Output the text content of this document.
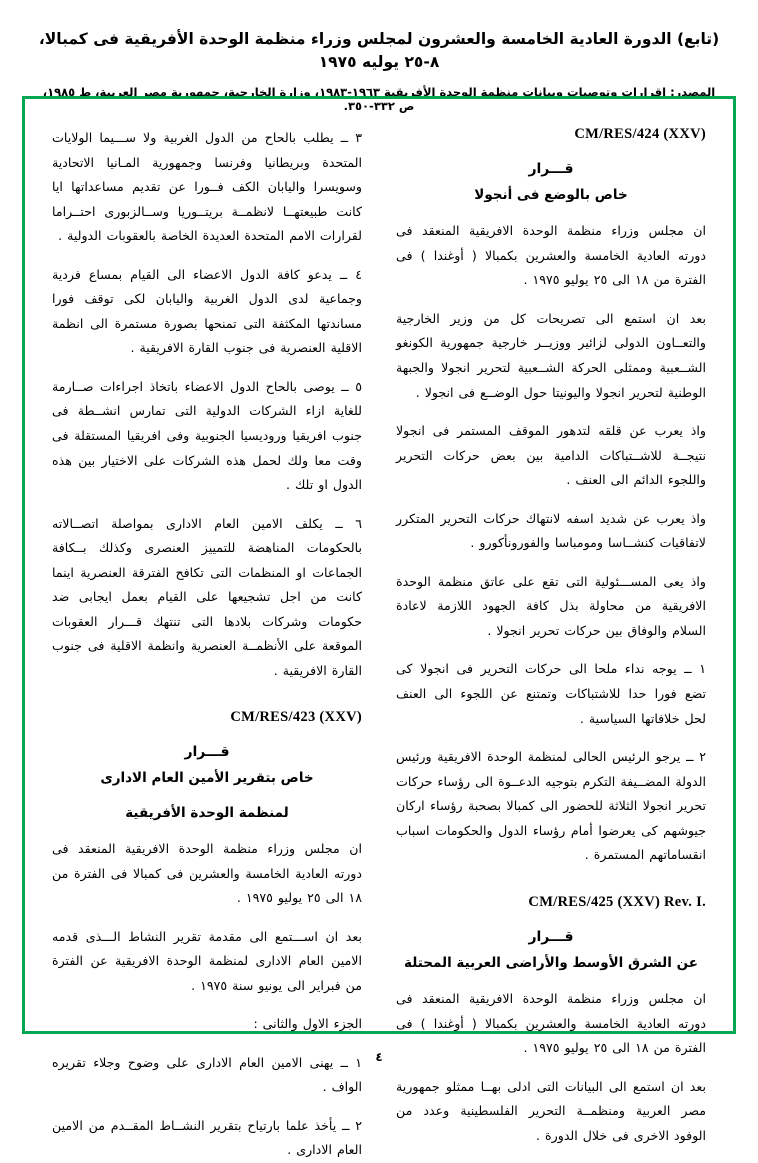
(تابع) الدورة العادية الخامسة والعشرون لمجلس وزراء منظمة الوحدة الأفريقية فى كمبالا، ٨-٢٥ يوليه ١٩٧٥
المصدر: اقرارات وتوصيات وبيانات منظمة الوحدة الأفريقية ١٩٦٣-١٩٨٣، وزارة الخارجية، جمهورية مصر العربية، ط ١٩٨٥، ص ٣٣٢-٣٥٠.
CM/RES/424 (XXV)
قـــرار
خاص بالوضع فى أنجولا

ان مجلس وزراء منظمة الوحدة الافريقية المنعقد فى دورته العادية الخامسة والعشرين بكمبالا ( أوغندا ) فى الفترة من ١٨ الى ٢٥ يوليو ١٩٧٥ .

بعد ان استمع الى تصريحات كل من وزير الخارجية والتعــاون الدولى لزائير ووزيــر خارجية جمهورية الكونغو الشــعبية وممثلى الحركة الشــعبية لتحرير انجولا والجبهة الوطنية لتحرير انجولا واليونيتا حول الوضــع فى انجولا .

واذ يعرب عن قلقه لتدهور الموقف المستمر فى انجولا نتيجــة للاشــتباكات الدامية بين بعض حركات التحرير واللجوء الدائم الى العنف .

واذ يعرب عن شديد اسفه لانتهاك حركات التحرير المتكرر لاتفاقيات كنشــاسا ومومباسا والفورونأكورو .

واذ يعى المســـئولية التى تقع على عاتق منظمة الوحدة الافريقية من محاولة بذل كافة الجهود اللازمة لاعادة السلام والوفاق بين حركات تحرير انجولا .

١ ــ يوجه نداء ملحا الى حركات التحرير فى انجولا كى تضع فورا حدا للاشتباكات وتمتنع عن اللجوء الى العنف لحل خلافاتها السياسية .

٢ ــ يرجو الرئيس الحالى لمنظمة الوحدة الافريقية ورئيس الدولة المضــيفة التكرم بتوجيه الدعــوة الى رؤساء حركات تحرير انجولا الثلاثة للحضور الى كمبالا بصحبة رؤساء اركان جيوشهم كى يعرضوا أمام رؤساء الدول والحكومات اسباب انقساماتهم المستمرة .

CM/RES/425 (XXV) Rev. I.
قـــرار
عن الشرق الأوسط والأراضى العربية المحتلة

ان مجلس وزراء منظمة الوحدة الافريقية المنعقد فى دورته العادية الخامسة والعشرين بكمبالا ( أوغندا ) فى الفترة من ١٨ الى ٢٥ يوليو ١٩٧٥ .

بعد ان استمع الى البيانات التى ادلى بهــا ممثلو جمهورية مصر العربية ومنظمــة التحرير الفلسطينية وعدد من الوفود الاخرى فى خلال الدورة .

٣ ــ يطلب بالحاح من الدول الغربية ولا ســـيما الولايات المتحدة وبريطانيا وفرنسا وجمهورية المـانيا الاتحادية وسويسرا واليابان الكف فــورا عن تقديم مساعداتها ايا كانت طبيعتهــا لانظمــة بريتــوريا وســالزبورى احتــراما لقرارات الامم المتحدة العديدة الخاصة بالعقوبات الدولية .

٤ ــ يدعو كافة الدول الاعضاء الى القيام بمساع فردية وجماعية لدى الدول الغربية واليابان لكى توقف فورا مساندتها المكثفة التى تمنحها بصورة مستمرة الى انظمة الاقلية العنصرية فى جنوب القارة الافريقية .

٥ ــ يوصى بالحاح الدول الاعضاء باتخاذ اجراءات صــارمة للغاية ازاء الشركات الدولية التى تمارس انشــطة فى جنوب افريقيا وروديسيا الجنوبية وفى افريقيا المستقلة فى وقت معا ولك لحمل هذه الشركات على الاختيار بين هذه الدول او تلك .

٦ ــ يكلف الامين العام الادارى بمواصلة اتصــالاته بالحكومات المناهضة للتمييز العنصرى وكذلك بــكافة الجماعات او المنظمات التى تكافح الفترقة العنصرية اينما كانت من اجل تشجيعها على القيام بعمل ايجابى ضد حكومات وشركات بلادها التى تنتهك قـــرار العقوبات الموقعة على الأنظمــة العنصرية وانظمة الاقلية فى جنوب القارة الافريقية .

CM/RES/423 (XXV)
قـــرار
خاص بتقرير الأمين العام الادارى
لمنظمة الوحدة الأفريقية

ان مجلس وزراء منظمة الوحدة الافريقية المنعقد فى دورته العادية الخامسة والعشرين فى كمبالا فى الفترة من ١٨ الى ٢٥ يوليو ١٩٧٥ .

بعد ان اســـتمع الى مقدمة تقرير النشاط الـــذى قدمه الامين العام الادارى لمنظمة الوحدة الافريقية عن الفترة من فبراير الى يونيو سنة ١٩٧٥ .

الجزء الاول والثانى :

١ ــ يهنى الامين العام الادارى على وضوح وجلاء تقريره الواف .

٢ ــ يأخذ علما بارتياح بتقرير النشــاط المقــدم من الامين العام الادارى .

٤
